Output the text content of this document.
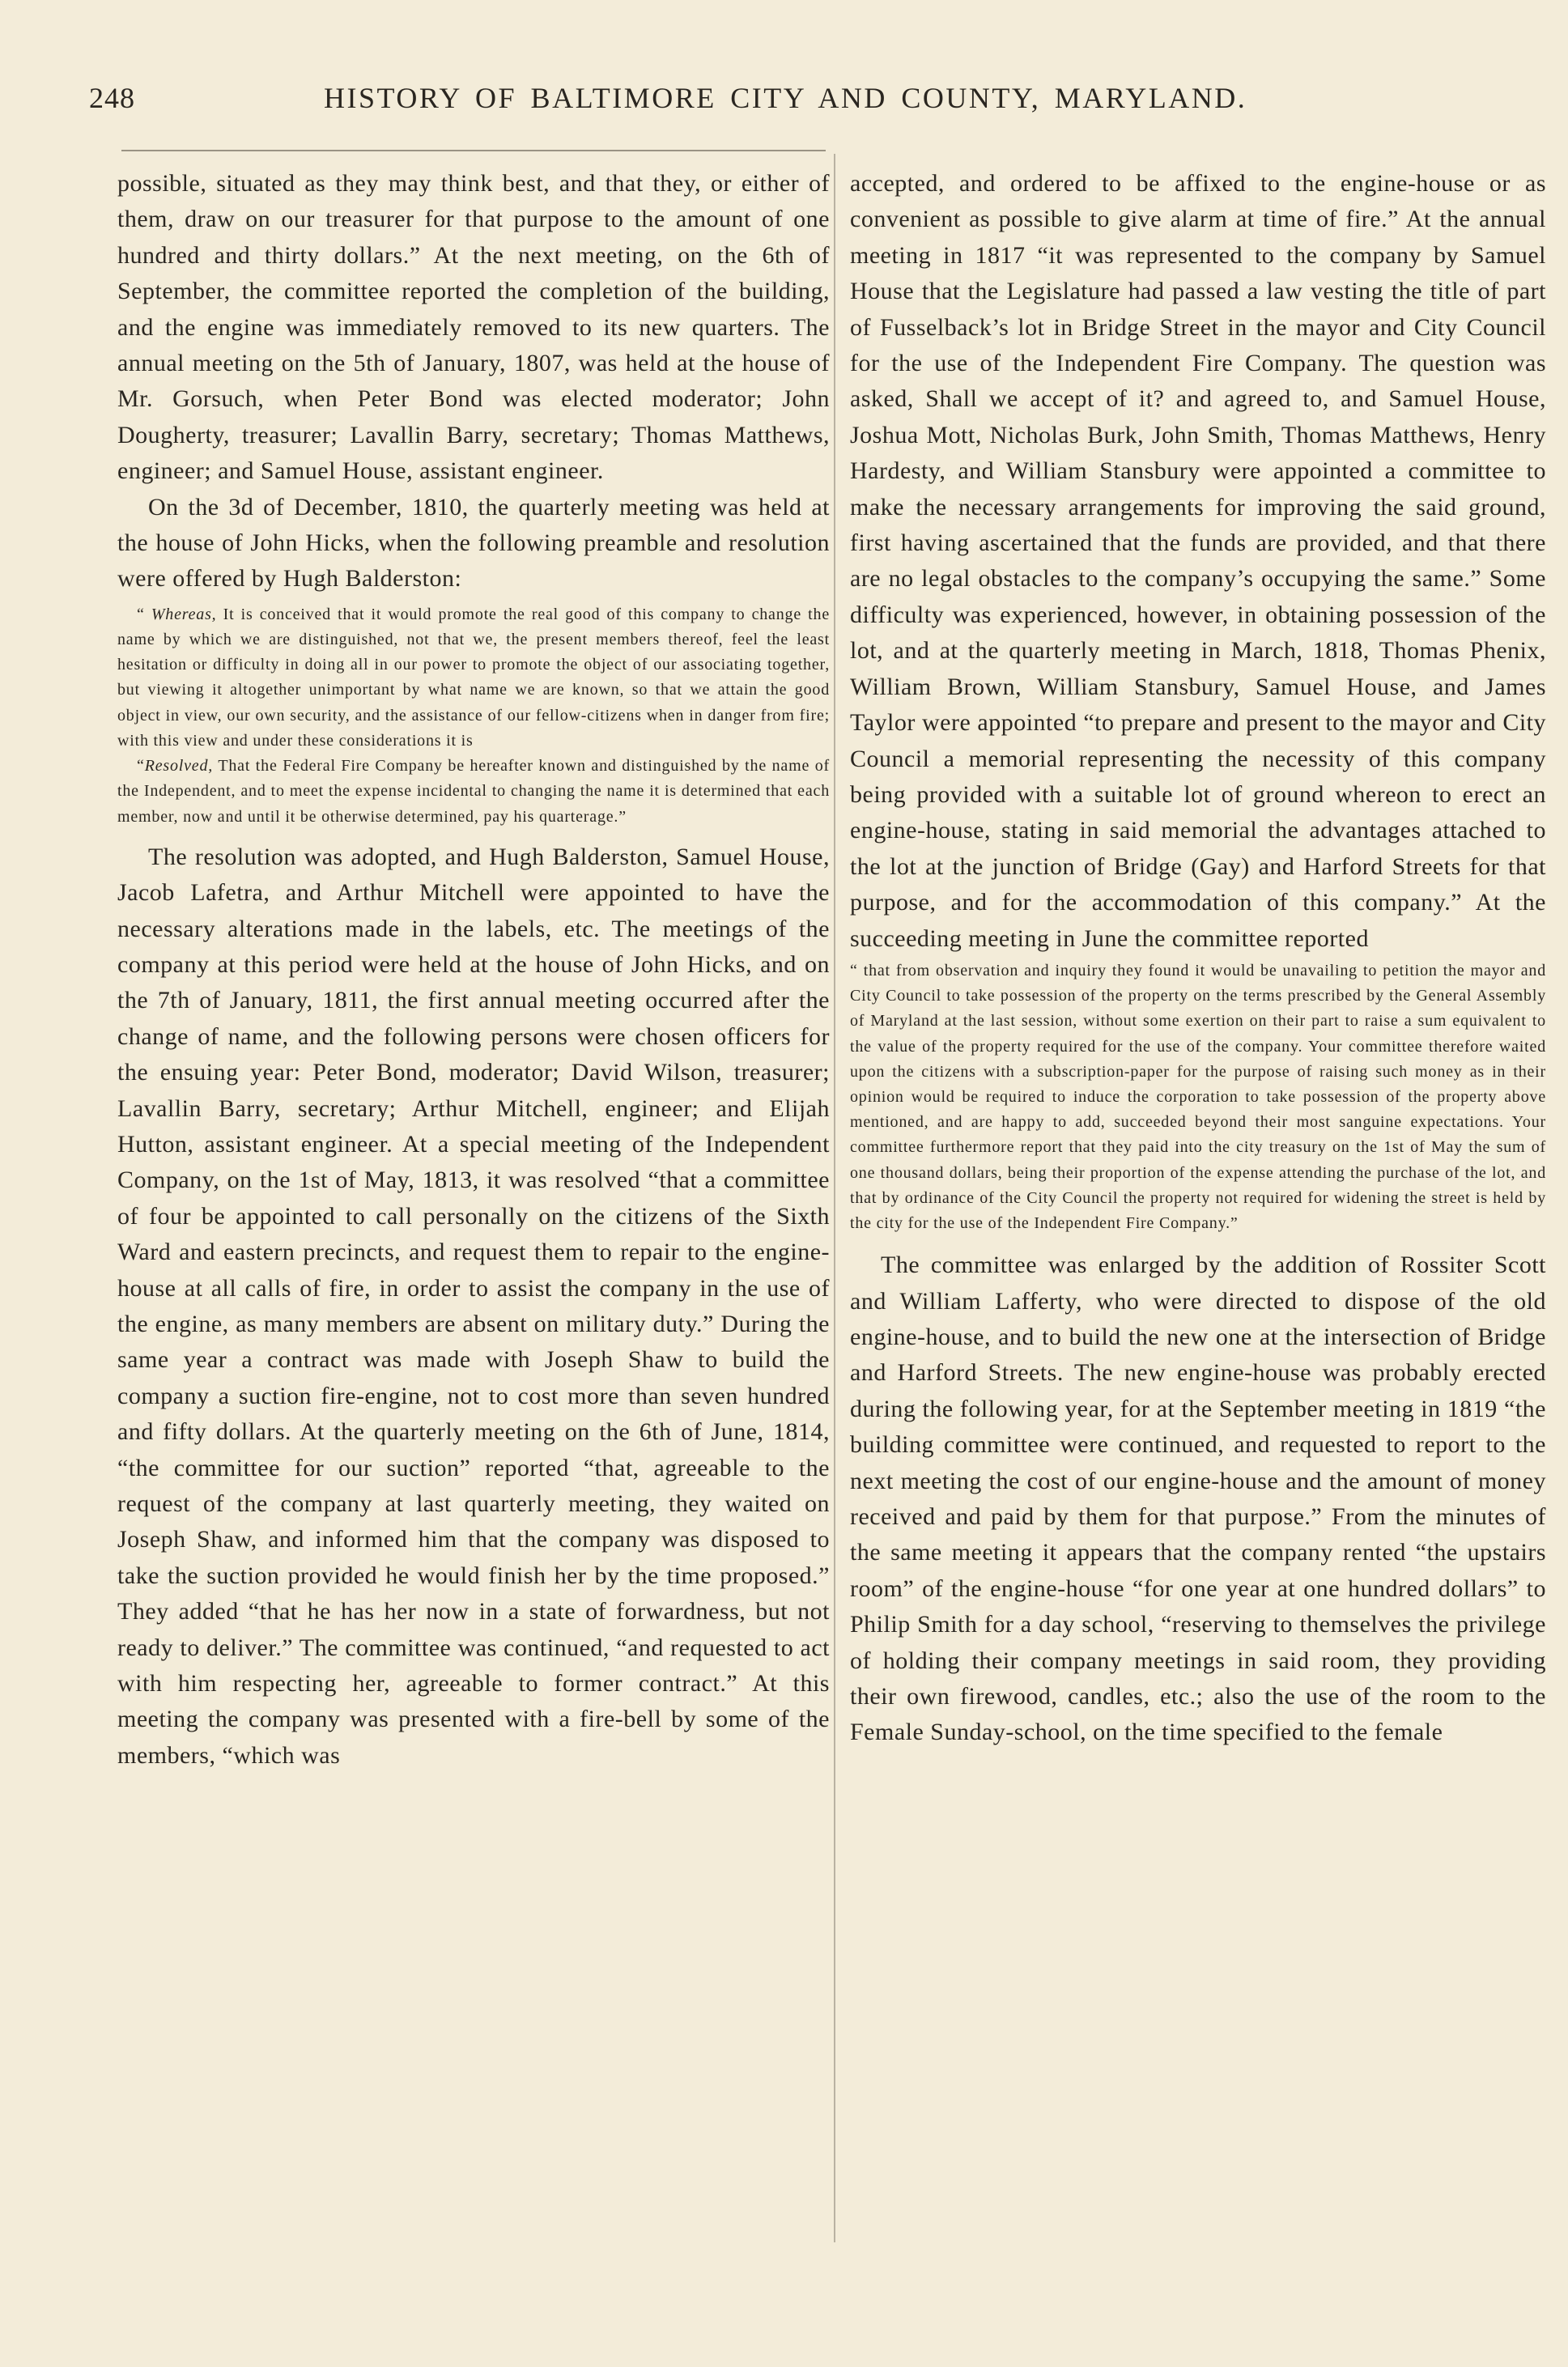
248	HISTORY OF BALTIMORE CITY AND COUNTY, MARYLAND.

possible, situated as they may think best, and that they, or either of them, draw on our treasurer for that purpose to the amount of one hundred and thirty dollars.” At the next meeting, on the 6th of September, the committee reported the completion of the building, and the engine was immediately removed to its new quarters. The annual meeting on the 5th of January, 1807, was held at the house of Mr. Gorsuch, when Peter Bond was elected moderator; John Dougherty, treasurer; Lavallin Barry, secretary; Thomas Matthews, engineer; and Samuel House, assistant engineer.

On the 3d of December, 1810, the quarterly meeting was held at the house of John Hicks, when the following preamble and resolution were offered by Hugh Balderston:

“ Whereas, It is conceived that it would promote the real good of this company to change the name by which we are distinguished, not that we, the present members thereof, feel the least hesitation or difficulty in doing all in our power to promote the object of our associating together, but viewing it altogether unimportant by what name we are known, so that we attain the good object in view, our own security, and the assistance of our fellow-citizens when in danger from fire; with this view and under these considerations it is

“Resolved, That the Federal Fire Company be hereafter known and distinguished by the name of the Independent, and to meet the expense incidental to changing the name it is determined that each member, now and until it be otherwise determined, pay his quarterage.”

The resolution was adopted, and Hugh Balderston, Samuel House, Jacob Lafetra, and Arthur Mitchell were appointed to have the necessary alterations made in the labels, etc. The meetings of the company at this period were held at the house of John Hicks, and on the 7th of January, 1811, the first annual meeting occurred after the change of name, and the following persons were chosen officers for the ensuing year: Peter Bond, moderator; David Wilson, treasurer; Lavallin Barry, secretary; Arthur Mitchell, engineer; and Elijah Hutton, assistant engineer. At a special meeting of the Independent Company, on the 1st of May, 1813, it was resolved “that a committee of four be appointed to call personally on the citizens of the Sixth Ward and eastern precincts, and request them to repair to the engine-house at all calls of fire, in order to assist the company in the use of the engine, as many members are absent on military duty.” During the same year a contract was made with Joseph Shaw to build the company a suction fire-engine, not to cost more than seven hundred and fifty dollars. At the quarterly meeting on the 6th of June, 1814, “the committee for our suction” reported “that, agreeable to the request of the company at last quarterly meeting, they waited on Joseph Shaw, and informed him that the company was disposed to take the suction provided he would finish her by the time proposed.” They added “that he has her now in a state of forwardness, but not ready to deliver.” The committee was continued, “and requested to act with him respecting her, agreeable to former contract.” At this meeting the company was presented with a fire-bell by some of the members, “which was

accepted, and ordered to be affixed to the engine-house or as convenient as possible to give alarm at time of fire.” At the annual meeting in 1817 “it was represented to the company by Samuel House that the Legislature had passed a law vesting the title of part of Fusselback’s lot in Bridge Street in the mayor and City Council for the use of the Independent Fire Company. The question was asked, Shall we accept of it? and agreed to, and Samuel House, Joshua Mott, Nicholas Burk, John Smith, Thomas Matthews, Henry Hardesty, and William Stansbury were appointed a committee to make the necessary arrangements for improving the said ground, first having ascertained that the funds are provided, and that there are no legal obstacles to the company’s occupying the same.” Some difficulty was experienced, however, in obtaining possession of the lot, and at the quarterly meeting in March, 1818, Thomas Phenix, William Brown, William Stansbury, Samuel House, and James Taylor were appointed “to prepare and present to the mayor and City Council a memorial representing the necessity of this company being provided with a suitable lot of ground whereon to erect an engine-house, stating in said memorial the advantages attached to the lot at the junction of Bridge (Gay) and Harford Streets for that purpose, and for the accommodation of this company.” At the succeeding meeting in June the committee reported

“ that from observation and inquiry they found it would be unavailing to petition the mayor and City Council to take possession of the property on the terms prescribed by the General Assembly of Maryland at the last session, without some exertion on their part to raise a sum equivalent to the value of the property required for the use of the company. Your committee therefore waited upon the citizens with a subscription-paper for the purpose of raising such money as in their opinion would be required to induce the corporation to take possession of the property above mentioned, and are happy to add, succeeded beyond their most sanguine expectations. Your committee furthermore report that they paid into the city treasury on the 1st of May the sum of one thousand dollars, being their proportion of the expense attending the purchase of the lot, and that by ordinance of the City Council the property not required for widening the street is held by the city for the use of the Independent Fire Company.”

The committee was enlarged by the addition of Rossiter Scott and William Lafferty, who were directed to dispose of the old engine-house, and to build the new one at the intersection of Bridge and Harford Streets. The new engine-house was probably erected during the following year, for at the September meeting in 1819 “the building committee were continued, and requested to report to the next meeting the cost of our engine-house and the amount of money received and paid by them for that purpose.” From the minutes of the same meeting it appears that the company rented “the upstairs room” of the engine-house “for one year at one hundred dollars” to Philip Smith for a day school, “reserving to themselves the privilege of holding their company meetings in said room, they providing their own firewood, candles, etc.; also the use of the room to the Female Sunday-school, on the time specified to the female
